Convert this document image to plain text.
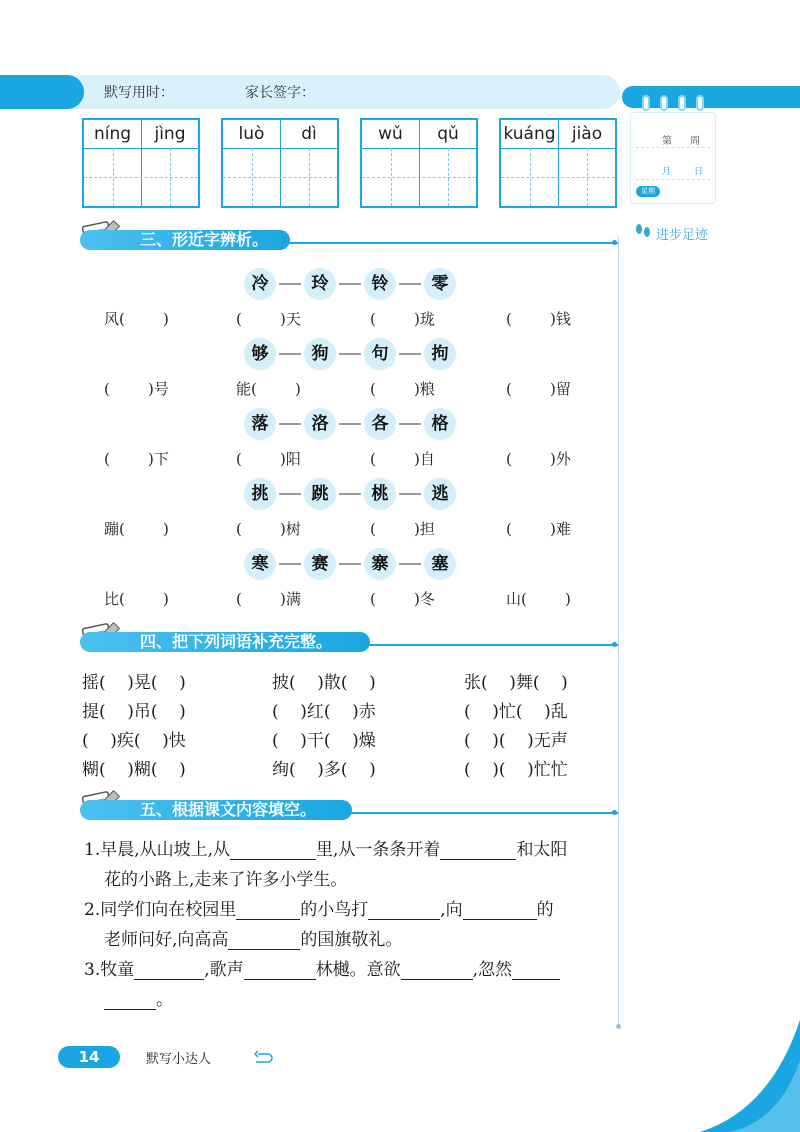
默写用时：	家长签字：
第 周
月	日
星期
进步足迹
níng	jìng	luò	dì	wǔ	qǔ	kuáng jiào
三、形近字辨析。
冷	玲	铃	零
风(        )	(        )天	(        )珑	(        )钱
够	狗	句	拘
(        )号	能(        )	(        )粮	(        )留
落	洛	各	格
(        )下	(        )阳	(        )自	(        )外
挑	跳	桃	逃
蹦(        )	(        )树	(        )担	(        )难
寒	赛	寨	塞
比(        )	(        )满	(        )冬	山(        )
四、把下列词语补充完整。
摇(    )晃(    )	披(    )散(    )	张(    )舞(    )
提(    )吊(    )	(    )红(    )赤	(    )忙(    )乱
(    )疾(    )快	(    )干(    )燥	(    )(    )无声
糊(    )糊(    )	绚(    )多(    )	(    )(    )忙忙
五、根据课文内容填空。
1.早晨,从山坡上,从	里,从一条条开着	和太阳
花的小路上,走来了许多小学生。
2.同学们向在校园里	的小鸟打	,向	的
老师问好,向高高	的国旗敬礼。
3.牧童	,歌声	林樾。意欲	,忽然
。
14	默写小达人
